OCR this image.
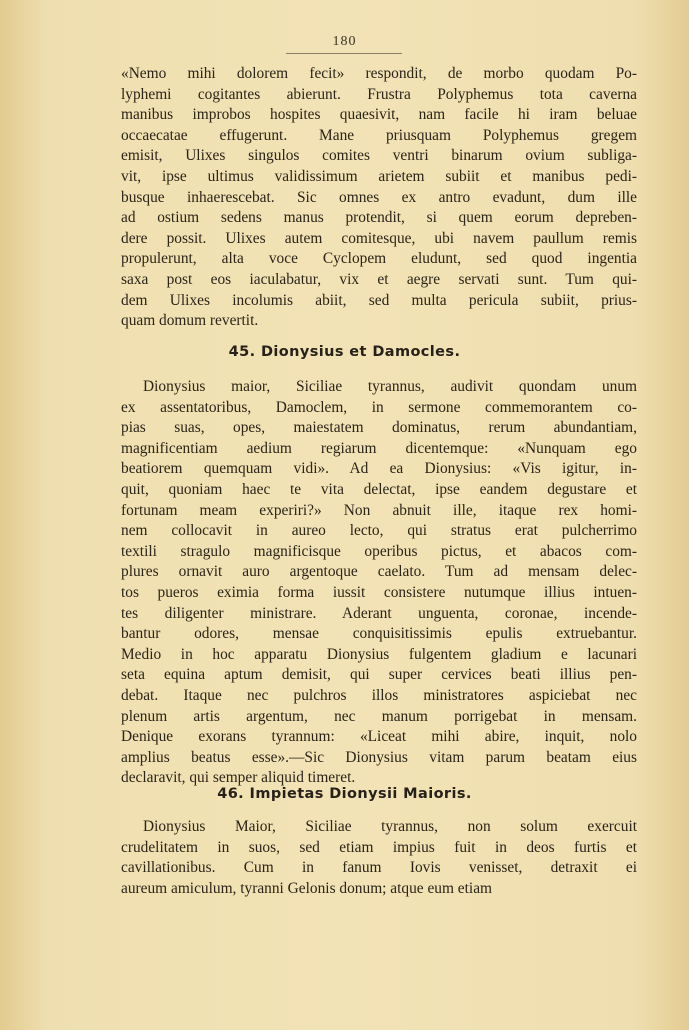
180

«Nemo mihi dolorem fecit» respondit, de morbo quodam Po-
lyphemi cogitantes abierunt. Frustra Polyphemus tota caverna
manibus improbos hospites quaesivit, nam facile hi iram beluae
occaecatae effugerunt. Mane priusquam Polyphemus gregem
emisit, Ulixes singulos comites ventri binarum ovium subliga-
vit, ipse ultimus validissimum arietem subiit et manibus pedi-
busque inhaerescebat. Sic omnes ex antro evadunt, dum ille
ad ostium sedens manus protendit, si quem eorum depreben-
dere possit. Ulixes autem comitesque, ubi navem paullum remis
propulerunt, alta voce Cyclopem eludunt, sed quod ingentia
saxa post eos iaculabatur, vix et aegre servati sunt. Tum qui-
dem Ulixes incolumis abiit, sed multa pericula subiit, prius-
quam domum revertit.

45. Dionysius et Damocles.

Dionysius maior, Siciliae tyrannus, audivit quondam unum
ex assentatoribus, Damoclem, in sermone commemorantem co-
pias suas, opes, maiestatem dominatus, rerum abundantiam,
magnificentiam aedium regiarum dicentemque: «Nunquam ego
beatiorem quemquam vidi». Ad ea Dionysius: «Vis igitur, in-
quit, quoniam haec te vita delectat, ipse eandem degustare et
fortunam meam experiri?» Non abnuit ille, itaque rex homi-
nem collocavit in aureo lecto, qui stratus erat pulcherrimo
textili stragulo magnificisque operibus pictus, et abacos com-
plures ornavit auro argentoque caelato. Tum ad mensam delec-
tos pueros eximia forma iussit consistere nutumque illius intuen-
tes diligenter ministrare. Aderant unguenta, coronae, incende-
bantur odores, mensae conquisitissimis epulis extruebantur.
Medio in hoc apparatu Dionysius fulgentem gladium e lacunari
seta equina aptum demisit, qui super cervices beati illius pen-
debat. Itaque nec pulchros illos ministratores aspiciebat nec
plenum artis argentum, nec manum porrigebat in mensam.
Denique exorans tyrannum: «Liceat mihi abire, inquit, nolo
amplius beatus esse».—Sic Dionysius vitam parum beatam eius
declaravit, qui semper aliquid timeret.

46. Impietas Dionysii Maioris.

Dionysius Maior, Siciliae tyrannus, non solum exercuit
crudelitatem in suos, sed etiam impius fuit in deos furtis et
cavillationibus. Cum in fanum Iovis venisset, detraxit ei
aureum amiculum, tyranni Gelonis donum; atque eum etiam
